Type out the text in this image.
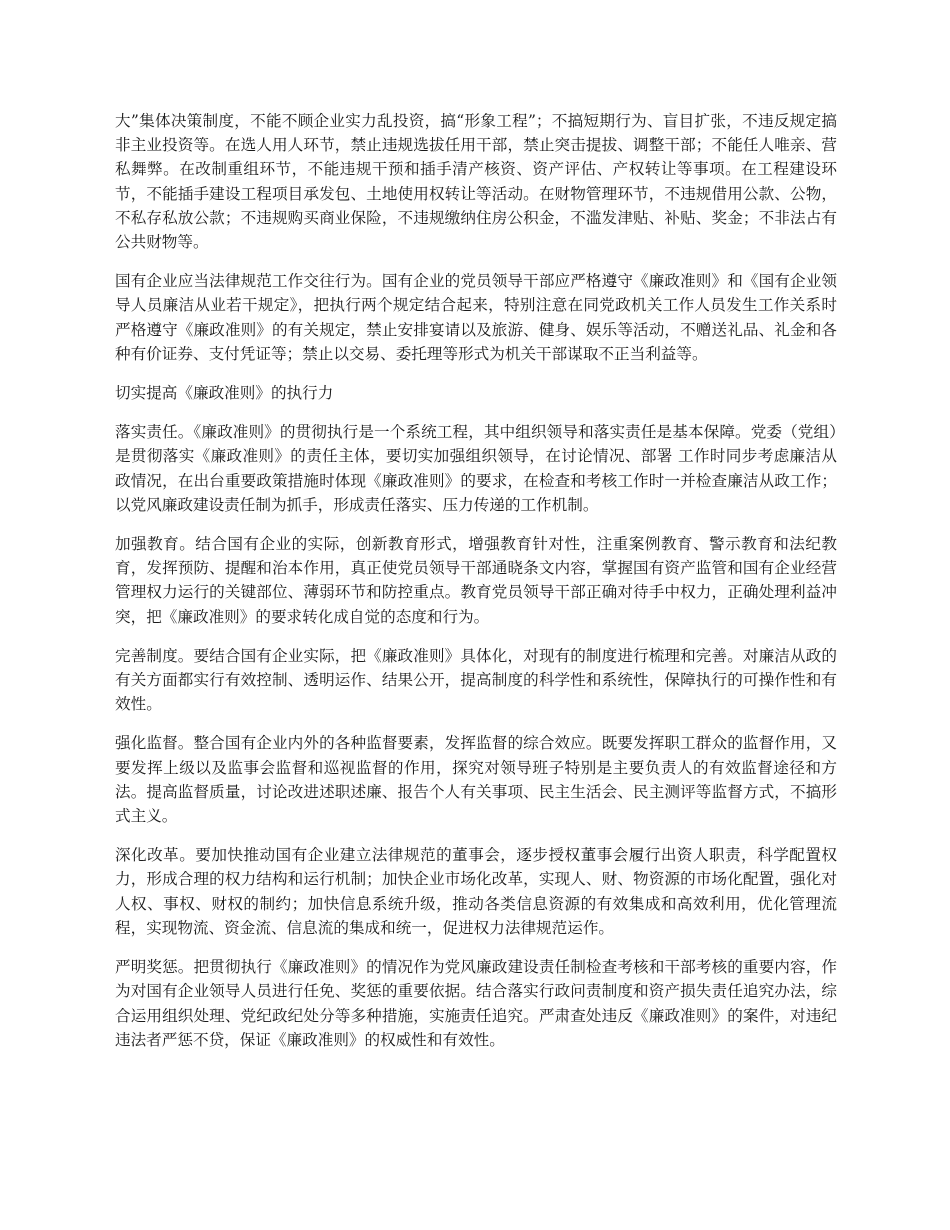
大”集体决策制度，不能不顾企业实力乱投资，搞“形象工程”；不搞短期行为、盲目扩张，不违反规定搞非主业投资等。在选人用人环节，禁止违规选拔任用干部，禁止突击提拔、调整干部；不能任人唯亲、营私舞弊。在改制重组环节，不能违规干预和插手清产核资、资产评估、产权转让等事项。在工程建设环节，不能插手建设工程项目承发包、土地使用权转让等活动。在财物管理环节，不违规借用公款、公物，不私存私放公款；不违规购买商业保险，不违规缴纳住房公积金，不滥发津贴、补贴、奖金；不非法占有公共财物等。

国有企业应当法律规范工作交往行为。国有企业的党员领导干部应严格遵守《廉政准则》和《国有企业领导人员廉洁从业若干规定》，把执行两个规定结合起来，特别注意在同党政机关工作人员发生工作关系时严格遵守《廉政准则》的有关规定，禁止安排宴请以及旅游、健身、娱乐等活动，不赠送礼品、礼金和各种有价证券、支付凭证等；禁止以交易、委托理等形式为机关干部谋取不正当利益等。

切实提高《廉政准则》的执行力

落实责任。《廉政准则》的贯彻执行是一个系统工程，其中组织领导和落实责任是基本保障。党委（党组）是贯彻落实《廉政准则》的责任主体，要切实加强组织领导，在讨论情况、部署 工作时同步考虑廉洁从政情况，在出台重要政策措施时体现《廉政准则》的要求，在检查和考核工作时一并检查廉洁从政工作；以党风廉政建设责任制为抓手，形成责任落实、压力传递的工作机制。

加强教育。结合国有企业的实际，创新教育形式，增强教育针对性，注重案例教育、警示教育和法纪教育，发挥预防、提醒和治本作用，真正使党员领导干部通晓条文内容，掌握国有资产监管和国有企业经营管理权力运行的关键部位、薄弱环节和防控重点。教育党员领导干部正确对待手中权力，正确处理利益冲突，把《廉政准则》的要求转化成自觉的态度和行为。

完善制度。要结合国有企业实际，把《廉政准则》具体化，对现有的制度进行梳理和完善。对廉洁从政的有关方面都实行有效控制、透明运作、结果公开，提高制度的科学性和系统性，保障执行的可操作性和有效性。

强化监督。整合国有企业内外的各种监督要素，发挥监督的综合效应。既要发挥职工群众的监督作用，又要发挥上级以及监事会监督和巡视监督的作用，探究对领导班子特别是主要负责人的有效监督途径和方法。提高监督质量，讨论改进述职述廉、报告个人有关事项、民主生活会、民主测评等监督方式，不搞形式主义。

深化改革。要加快推动国有企业建立法律规范的董事会，逐步授权董事会履行出资人职责，科学配置权力，形成合理的权力结构和运行机制；加快企业市场化改革，实现人、财、物资源的市场化配置，强化对人权、事权、财权的制约；加快信息系统升级，推动各类信息资源的有效集成和高效利用，优化管理流程，实现物流、资金流、信息流的集成和统一，促进权力法律规范运作。

严明奖惩。把贯彻执行《廉政准则》的情况作为党风廉政建设责任制检查考核和干部考核的重要内容，作为对国有企业领导人员进行任免、奖惩的重要依据。结合落实行政问责制度和资产损失责任追究办法，综合运用组织处理、党纪政纪处分等多种措施，实施责任追究。严肃查处违反《廉政准则》的案件，对违纪违法者严惩不贷，保证《廉政准则》的权威性和有效性。
